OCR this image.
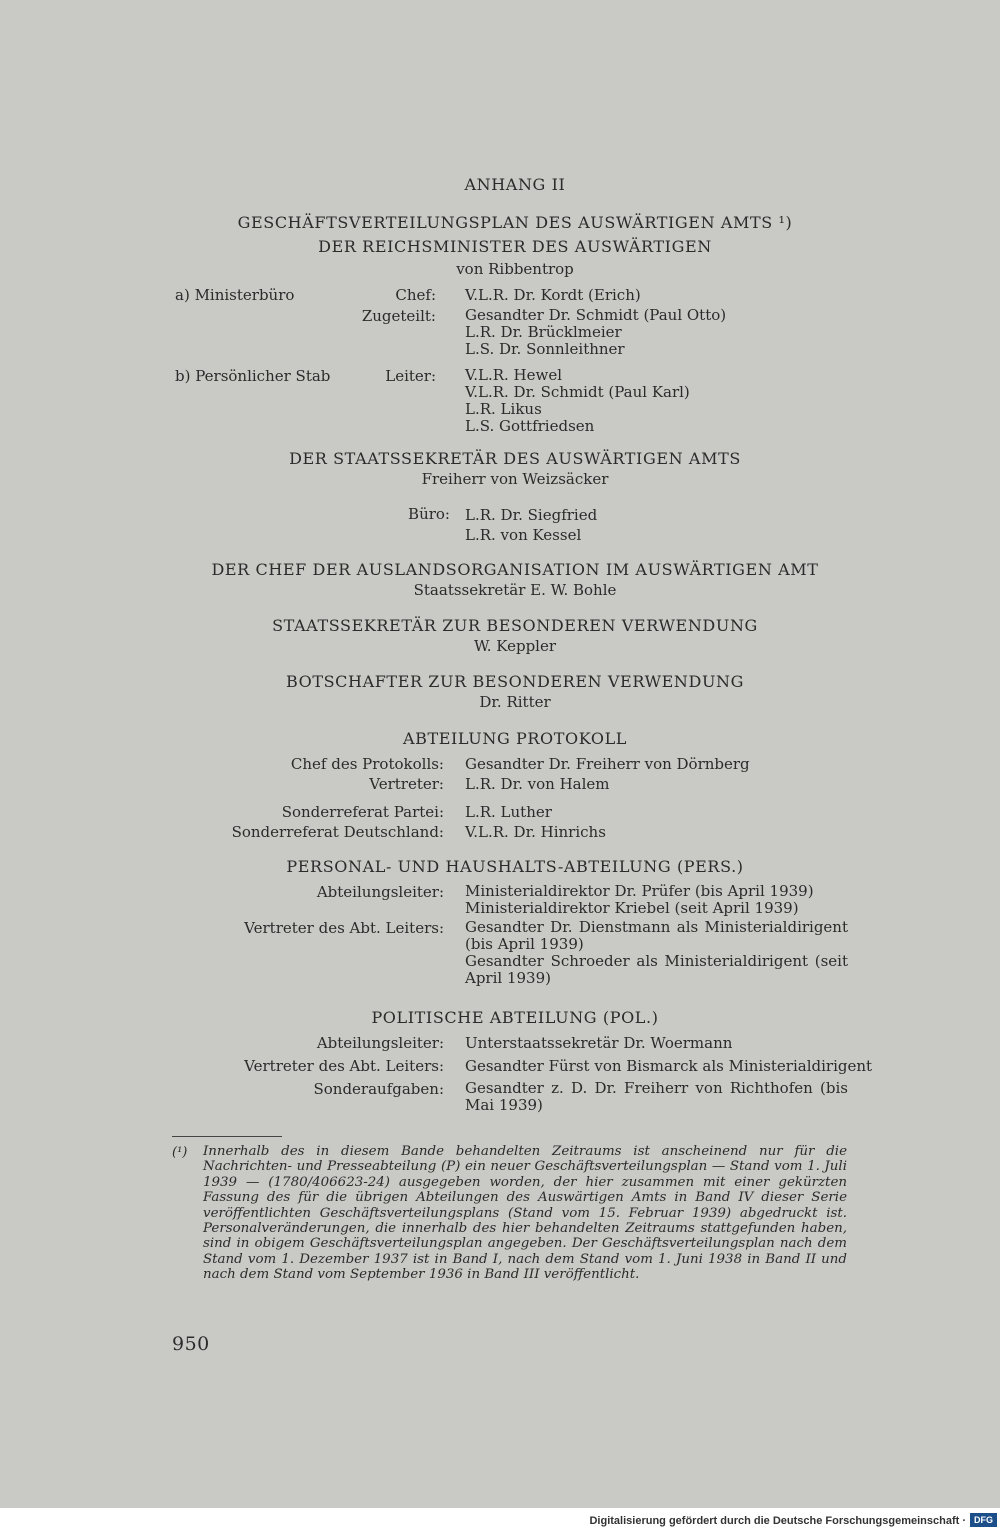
ANHANG II
GESCHÄFTSVERTEILUNGSPLAN DES AUSWÄRTIGEN AMTS ¹)
DER REICHSMINISTER DES AUSWÄRTIGEN
von Ribbentrop
a) Ministerbüro	Chef: V.L.R. Dr. Kordt (Erich)
Zugeteilt: Gesandter Dr. Schmidt (Paul Otto)
L.R. Dr. Brücklmeier
L.S. Dr. Sonnleithner
b) Persönlicher Stab	Leiter: V.L.R. Hewel
V.L.R. Dr. Schmidt (Paul Karl)
L.R. Likus
L.S. Gottfriedsen
DER STAATSSEKRETÄR DES AUSWÄRTIGEN AMTS
Freiherr von Weizsäcker
Büro: L.R. Dr. Siegfried
L.R. von Kessel
DER CHEF DER AUSLANDSORGANISATION IM AUSWÄRTIGEN AMT
Staatssekretär E. W. Bohle
STAATSSEKRETÄR ZUR BESONDEREN VERWENDUNG
W. Keppler
BOTSCHAFTER ZUR BESONDEREN VERWENDUNG
Dr. Ritter
ABTEILUNG PROTOKOLL
Chef des Protokolls: Gesandter Dr. Freiherr von Dörnberg
Vertreter: L.R. Dr. von Halem
Sonderreferat Partei: L.R. Luther
Sonderreferat Deutschland: V.L.R. Dr. Hinrichs
PERSONAL- UND HAUSHALTS-ABTEILUNG (PERS.)
Abteilungsleiter: Ministerialdirektor Dr. Prüfer (bis April 1939)
Ministerialdirektor Kriebel (seit April 1939)
Vertreter des Abt. Leiters: Gesandter Dr. Dienstmann als Ministerialdirigent (bis April 1939)
Gesandter Schroeder als Ministerialdirigent (seit April 1939)
POLITISCHE ABTEILUNG (POL.)
Abteilungsleiter: Unterstaatssekretär Dr. Woermann
Vertreter des Abt. Leiters: Gesandter Fürst von Bismarck als Ministerialdirigent
Sonderaufgaben: Gesandter z. D. Dr. Freiherr von Richthofen (bis Mai 1939)
(¹) Innerhalb des in diesem Bande behandelten Zeitraums ist anscheinend nur für die Nachrichten- und Presseabteilung (P) ein neuer Geschäftsverteilungsplan — Stand vom 1. Juli 1939 — (1780/406623-24) ausgegeben worden, der hier zusammen mit einer gekürzten Fassung des für die übrigen Abteilungen des Auswärtigen Amts in Band IV dieser Serie veröffentlichten Geschäftsverteilungsplans (Stand vom 15. Februar 1939) abgedruckt ist. Personalveränderungen, die innerhalb des hier behandelten Zeitraums stattgefunden haben, sind in obigem Geschäftsverteilungsplan angegeben. Der Geschäftsverteilungsplan nach dem Stand vom 1. Dezember 1937 ist in Band I, nach dem Stand vom 1. Juni 1938 in Band II und nach dem Stand vom September 1936 in Band III veröffentlicht.
950
Digitalisierung gefördert durch die Deutsche Forschungsgemeinschaft · DFG
